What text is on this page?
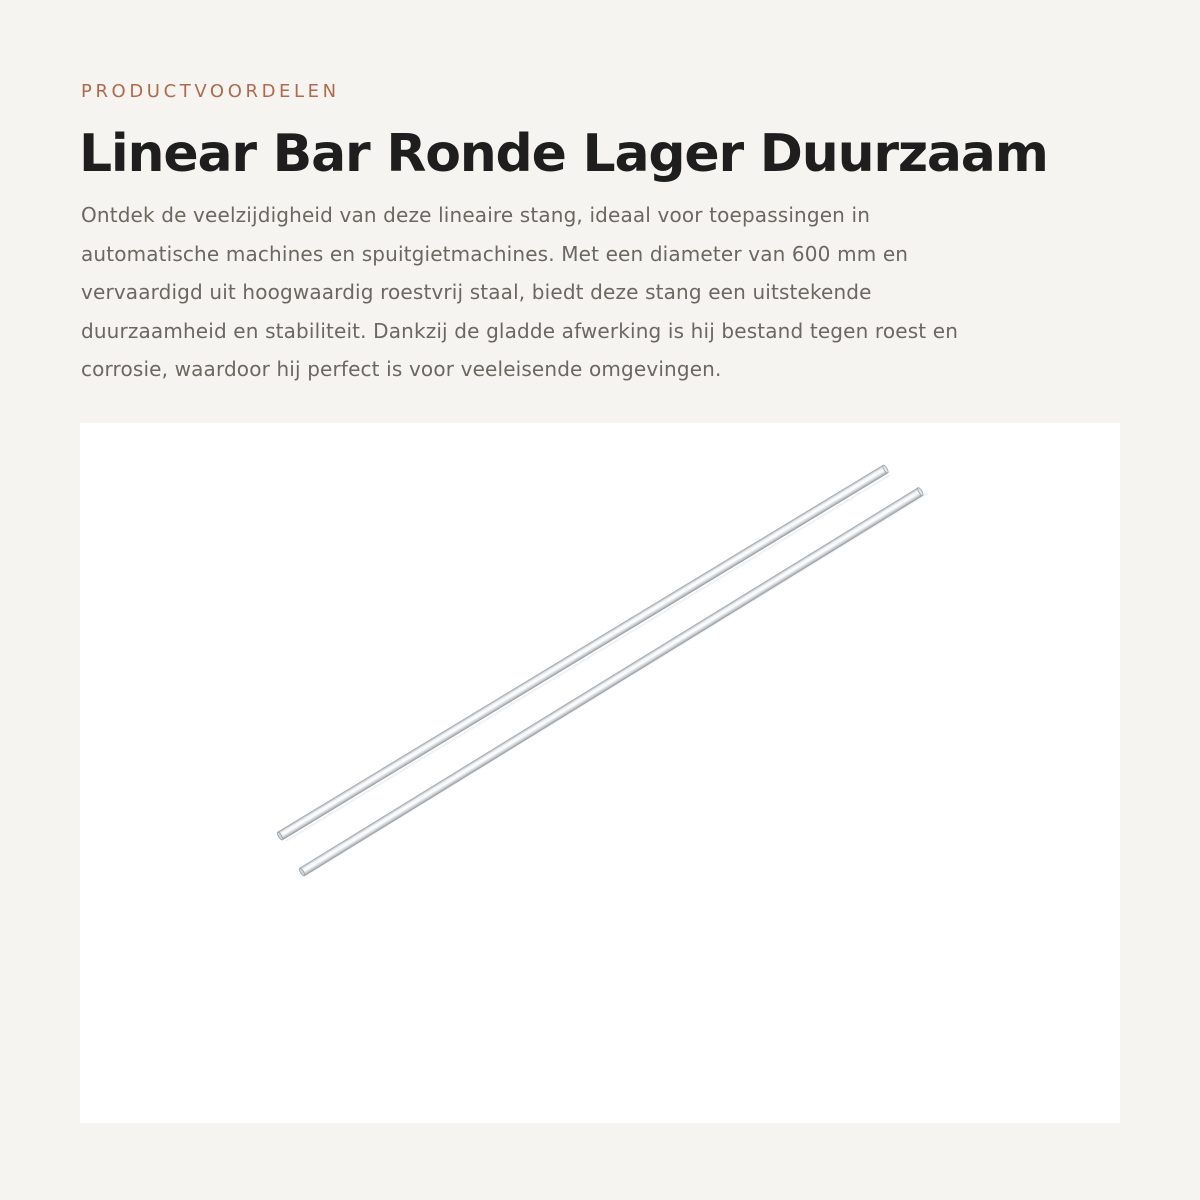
PRODUCTVOORDELEN

Linear Bar Ronde Lager Duurzaam

Ontdek de veelzijdigheid van deze lineaire stang, ideaal voor toepassingen in
automatische machines en spuitgietmachines. Met een diameter van 600 mm en
vervaardigd uit hoogwaardig roestvrij staal, biedt deze stang een uitstekende
duurzaamheid en stabiliteit. Dankzij de gladde afwerking is hij bestand tegen roest en
corrosie, waardoor hij perfect is voor veeleisende omgevingen.
